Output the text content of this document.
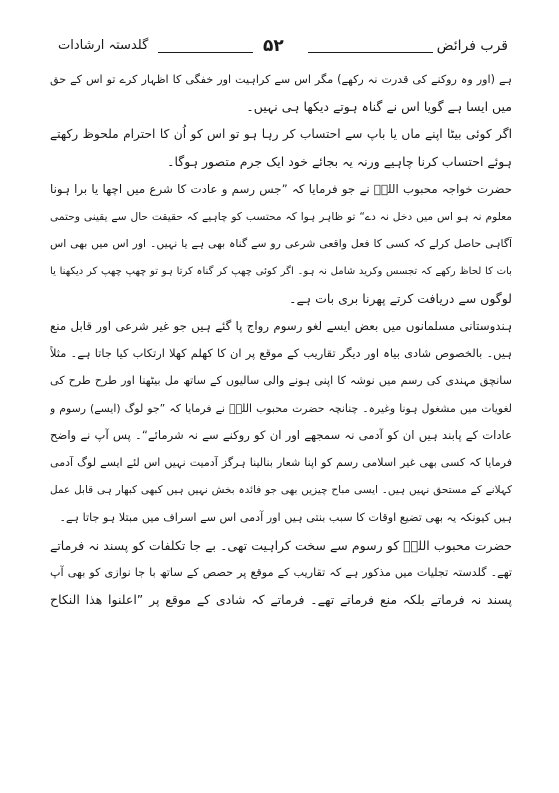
گلدستہ ارشادات	۵۲	قرب فرائض
ہے (اور وہ روکنے کی قدرت نہ رکھے) مگر اس سے کراہیت اور خفگی کا اظہار کرے تو اس کے حق
میں ایسا ہے گویا اس نے گناہ ہوتے دیکھا ہی نہیں۔
اگر کوئی بیٹا اپنے ماں یا باپ سے احتساب کر رہا ہو تو اس کو اُن کا احترام ملحوظ رکھتے
ہوئے احتساب کرنا چاہیے ورنہ یہ بجائے خود ایک جرم متصور ہوگا۔
حضرت خواجہ محبوب اللہؒ نے جو فرمایا کہ ”جس رسم و عادت کا شرع میں اچھا یا برا ہونا
معلوم نہ ہو اس میں دخل نہ دے“ تو ظاہر ہوا کہ محتسب کو چاہیے کہ حقیقت حال سے یقینی وحتمی
آگاہی حاصل کرلے کہ کسی کا فعل واقعی شرعی رو سے گناہ بھی ہے یا نہیں۔ اور اس میں بھی اس
بات کا لحاظ رکھے کہ تجسس وکرید شامل نہ ہو۔ اگر کوئی چھپ کر گناہ کرتا ہو تو چھپ چھپ کر دیکھنا یا
لوگوں سے دریافت کرتے پھرنا بری بات ہے۔
ہندوستانی مسلمانوں میں بعض ایسے لغو رسوم رواج پا گئے ہیں جو غیر شرعی اور قابل منع
ہیں۔ بالخصوص شادی بیاہ اور دیگر تقاریب کے موقع پر ان کا کھلم کھلا ارتکاب کیا جاتا ہے۔ مثلاً
سانچق مہندی کی رسم میں نوشہ کا اپنی ہونے والی سالیوں کے ساتھ مل بیٹھنا اور طرح طرح کی
لغویات میں مشغول ہونا وغیرہ۔ چنانچہ حضرت محبوب اللہؒ نے فرمایا کہ ”جو لوگ (ایسے) رسوم و
عادات کے پابند ہیں ان کو آدمی نہ سمجھے اور ان کو روکنے سے نہ شرمائے“۔ پس آپ نے واضح
فرمایا کہ کسی بھی غیر اسلامی رسم کو اپنا شعار بنالینا ہرگز آدمیت نہیں اس لئے ایسے لوگ آدمی
کہلانے کے مستحق نہیں ہیں۔ ایسی مباح چیزیں بھی جو فائدہ بخش نہیں ہیں کبھی کبھار ہی قابل عمل
ہیں کیونکہ یہ بھی تضیع اوقات کا سبب بنتی ہیں اور آدمی اس سے اسراف میں مبتلا ہو جاتا ہے۔
حضرت محبوب اللہؒ کو رسوم سے سخت کراہیت تھی۔ بے جا تکلفات کو پسند نہ فرماتے
تھے۔ گلدستہ تجلیات میں مذکور ہے کہ تقاریب کے موقع پر حصص کے ساتھ با جا نوازی کو بھی آپ
پسند نہ فرماتے بلکہ منع فرماتے تھے۔ فرماتے کہ شادی کے موقع پر ”اعلنوا ھذا النکاح
